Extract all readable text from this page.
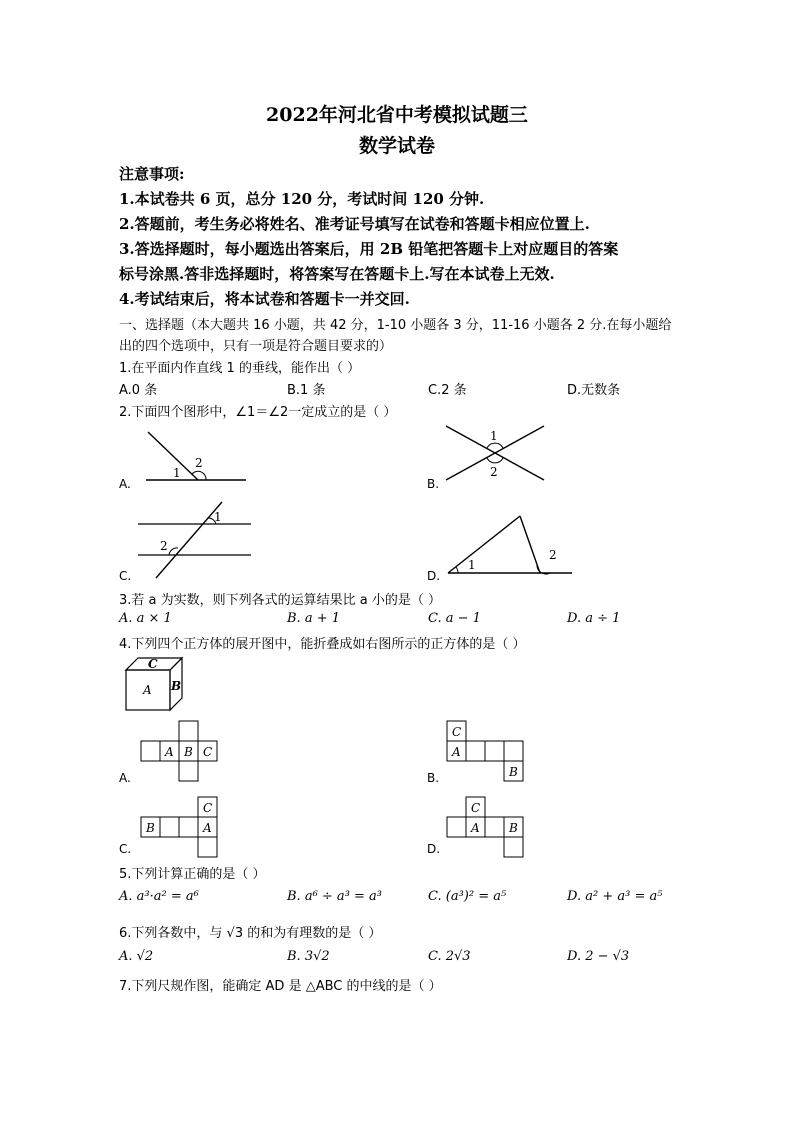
2022年河北省中考模拟试题三
数学试卷
注意事项:
1.本试卷共 6 页，总分 120 分，考试时间 120 分钟.
2.答题前，考生务必将姓名、准考证号填写在试卷和答题卡相应位置上.
3.答选择题时，每小题选出答案后，用 2B 铅笔把答题卡上对应题目的答案
标号涂黑.答非选择题时，将答案写在答题卡上.写在本试卷上无效.
4.考试结束后，将本试卷和答题卡一并交回.
一、选择题（本大题共 16 小题，共 42 分，1-10 小题各 3 分，11-16 小题各 2 分.在每小题给
出的四个选项中，只有一项是符合题目要求的）
1.在平面内作直线 1 的垂线，能作出（ ）
A.0 条	B.1 条	C.2 条	D.无数条
2.下面四个图形中，∠1＝∠2一定成立的是（ ）
A.
1
2
B.
1
2
C.
1
2
D.
1
2
3.若 a 为实数，则下列各式的运算结果比 a 小的是（ ）
A. a × 1	B. a + 1	C. a − 1	D. a ÷ 1
4.下列四个正方体的展开图中，能折叠成如右图所示的正方体的是（ ）
C
A B
A.
A B C
B.
C
A
B
C.
C
B	A
D.
C
A B
5.下列计算正确的是（ ）
A. a³·a² = a⁶	B. a⁶ ÷ a³ = a³	C. (a³)² = a⁵	D. a² + a³ = a⁵
6.下列各数中，与 √3 的和为有理数的是（ ）
A. √2	B. 3√2	C. 2√3	D. 2 − √3
7.下列尺规作图，能确定 AD 是 △ABC 的中线的是（ ）
